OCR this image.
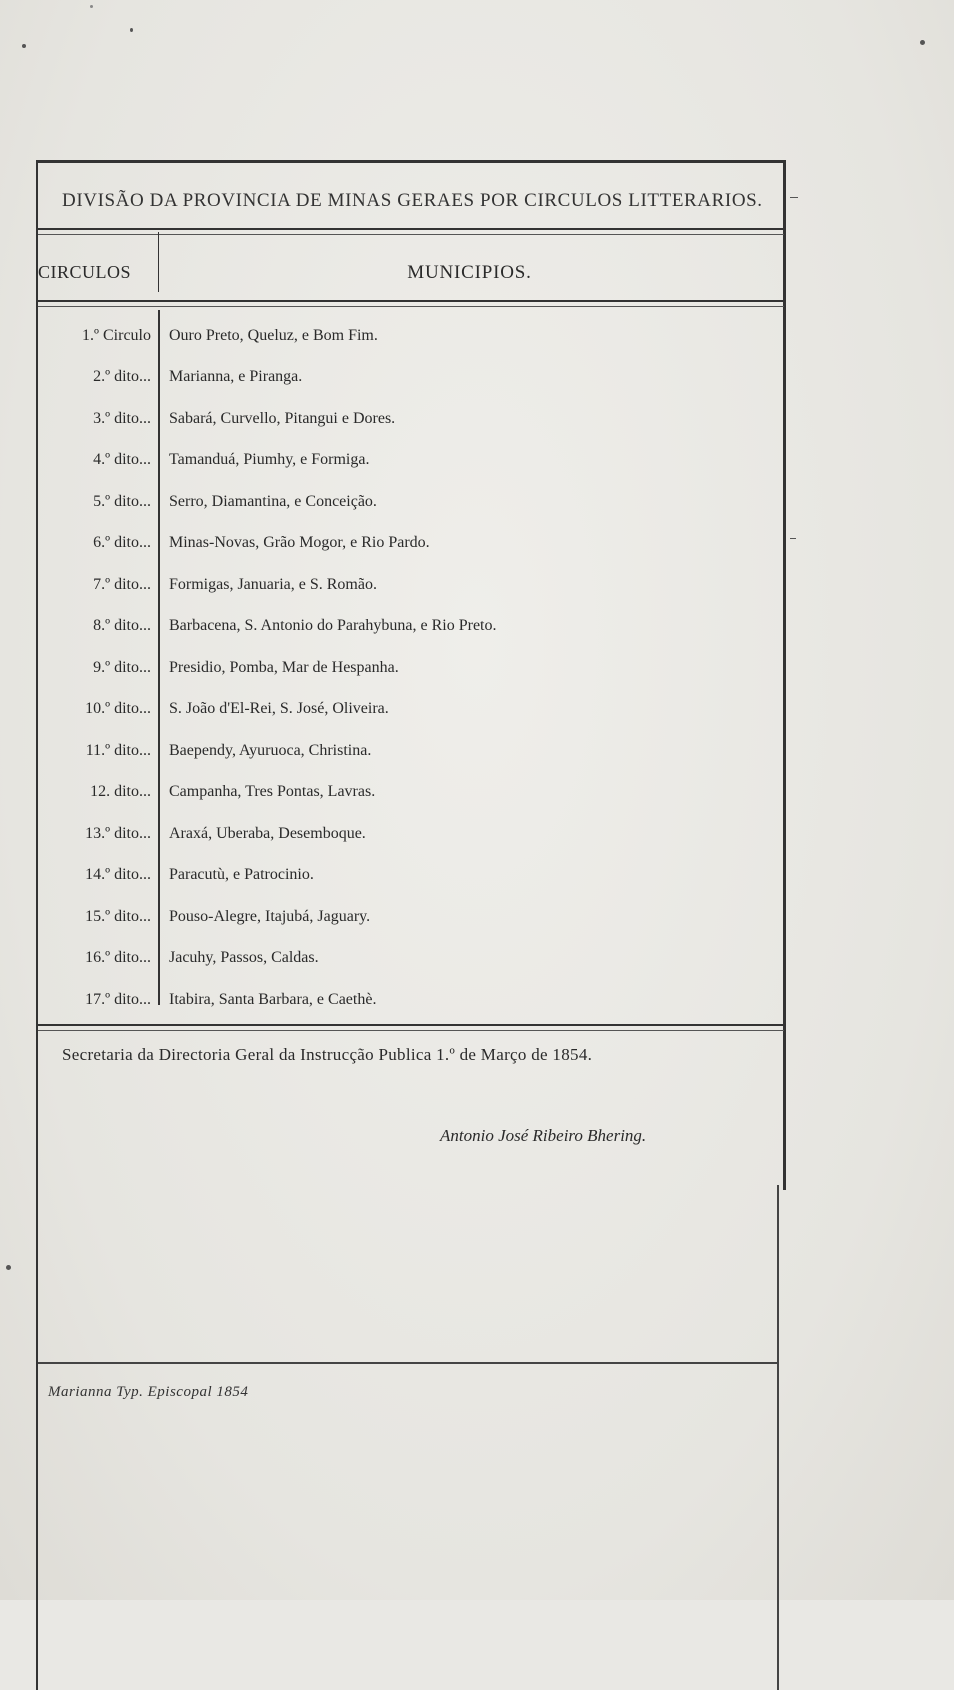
DIVISÃO DA PROVINCIA DE MINAS GERAES POR CIRCULOS LITTERARIOS.
CIRCULOS	MUNICIPIOS.
1.º Circulo	Ouro Preto, Queluz, e Bom Fim.
2.º dito...	Marianna, e Piranga.
3.º dito...	Sabará, Curvello, Pitangui e Dores.
4.º dito...	Tamanduá, Piumhy, e Formiga.
5.º dito...	Serro, Diamantina, e Conceição.
6.º dito...	Minas-Novas, Grão Mogor, e Rio Pardo.
7.º dito...	Formigas, Januaria, e S. Romão.
8.º dito...	Barbacena, S. Antonio do Parahybuna, e Rio Preto.
9.º dito...	Presidio, Pomba, Mar de Hespanha.
10.º dito...	S. João d'El-Rei, S. José, Oliveira.
11.º dito...	Baependy, Ayuruoca, Christina.
12. dito...	Campanha, Tres Pontas, Lavras.
13.º dito...	Araxá, Uberaba, Desemboque.
14.º dito...	Paracutù, e Patrocinio.
15.º dito...	Pouso-Alegre, Itajubá, Jaguary.
16.º dito...	Jacuhy, Passos, Caldas.
17.º dito...	Itabira, Santa Barbara, e Caethè.
Secretaria da Directoria Geral da Instrucção Publica 1.º de Março de 1854.
Antonio José Ribeiro Bhering.
Marianna Typ. Episcopal 1854
